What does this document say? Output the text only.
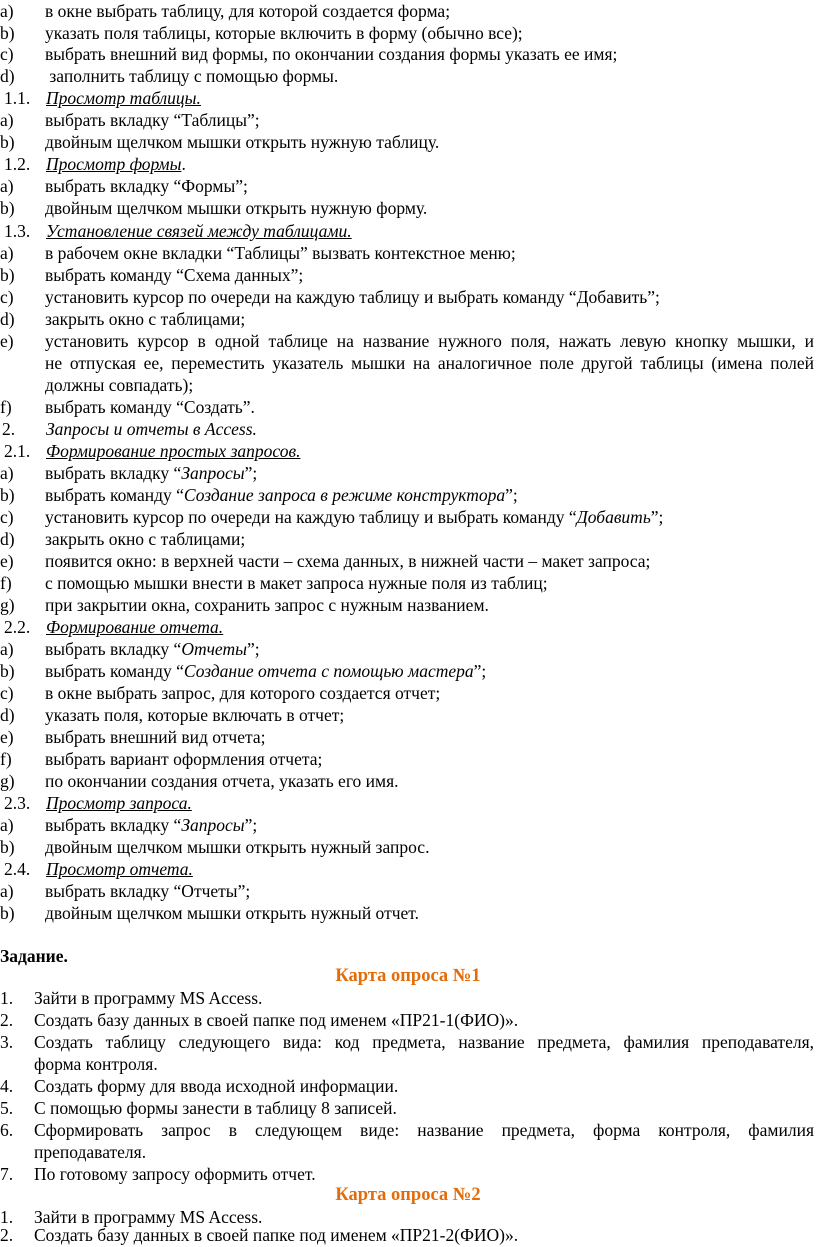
a) в окне выбрать таблицу, для которой создается форма;
b) указать поля таблицы, которые включить в форму (обычно все);
c) выбрать внешний вид формы, по окончании создания формы указать ее имя;
d) заполнить таблицу с помощью формы.
1.1. Просмотр таблицы.
a) выбрать вкладку “Таблицы”;
b) двойным щелчком мышки открыть нужную таблицу.
1.2. Просмотр формы.
a) выбрать вкладку “Формы”;
b) двойным щелчком мышки открыть нужную форму.
1.3. Установление связей между таблицами.
a) в рабочем окне вкладки “Таблицы” вызвать контекстное меню;
b) выбрать команду “Схема данных”;
c) установить курсор по очереди на каждую таблицу и выбрать команду “Добавить”;
d) закрыть окно с таблицами;
e) установить курсор в одной таблице на название нужного поля, нажать левую кнопку мышки, и
не отпуская ее, переместить указатель мышки на аналогичное поле другой таблицы (имена полей
должны совпадать);
f) выбрать команду “Создать”.
2. Запросы и отчеты в Access.
2.1. Формирование простых запросов.
a) выбрать вкладку “Запросы”;
b) выбрать команду “Создание запроса в режиме конструктора”;
c) установить курсор по очереди на каждую таблицу и выбрать команду “Добавить”;
d) закрыть окно с таблицами;
e) появится окно: в верхней части – схема данных, в нижней части – макет запроса;
f) с помощью мышки внести в макет запроса нужные поля из таблиц;
g) при закрытии окна, сохранить запрос с нужным названием.
2.2. Формирование отчета.
a) выбрать вкладку “Отчеты”;
b) выбрать команду “Создание отчета с помощью мастера”;
c) в окне выбрать запрос, для которого создается отчет;
d) указать поля, которые включать в отчет;
e) выбрать внешний вид отчета;
f) выбрать вариант оформления отчета;
g) по окончании создания отчета, указать его имя.
2.3. Просмотр запроса.
a) выбрать вкладку “Запросы”;
b) двойным щелчком мышки открыть нужный запрос.
2.4. Просмотр отчета.
a) выбрать вкладку “Отчеты”;
b) двойным щелчком мышки открыть нужный отчет.
Задание.
Карта опроса №1
1. Зайти в программу MS Access.
2. Создать базу данных в своей папке под именем «ПР21-1(ФИО)».
3. Создать таблицу следующего вида: код предмета, название предмета, фамилия преподавателя,
форма контроля.
4. Создать форму для ввода исходной информации.
5. С помощью формы занести в таблицу 8 записей.
6. Сформировать запрос в следующем виде: название предмета, форма контроля, фамилия
преподавателя.
7. По готовому запросу оформить отчет.
Карта опроса №2
1. Зайти в программу MS Access.
2. Создать базу данных в своей папке под именем «ПР21-2(ФИО)».
